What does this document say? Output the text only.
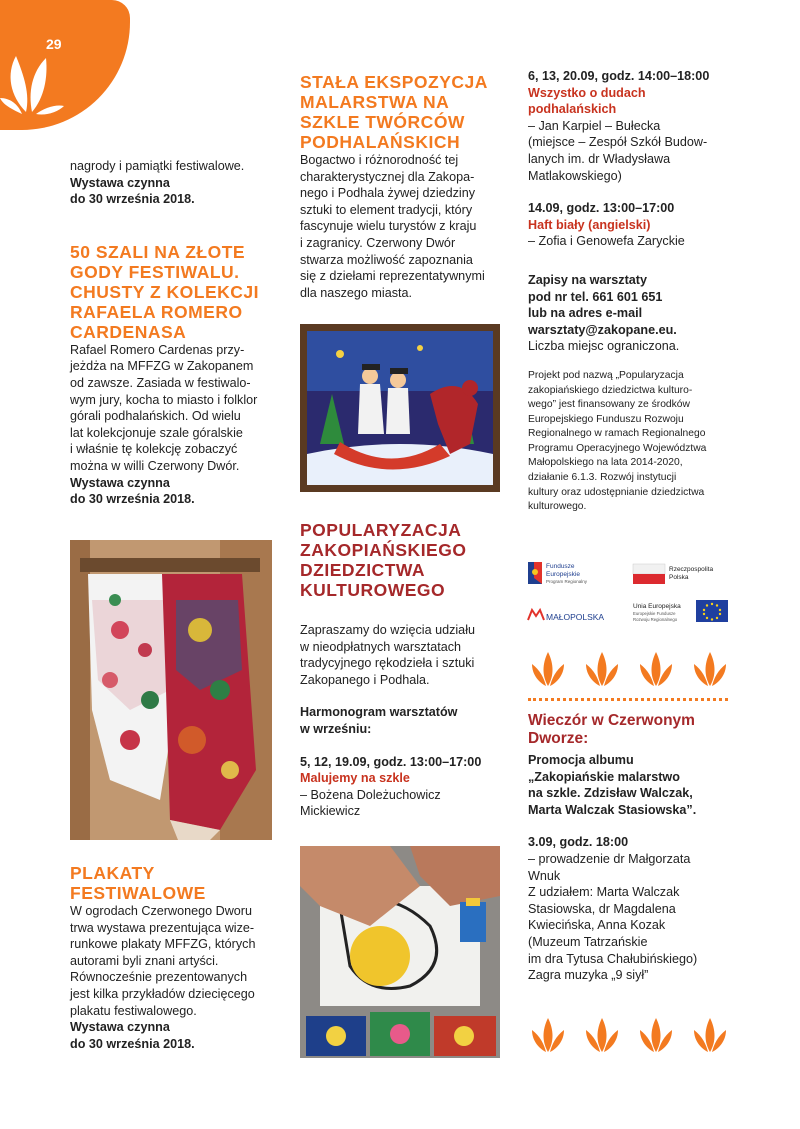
29

nagrody i pamiątki festiwalowe.

Wystawa czynna

do 30 września 2018.

50 SZALI NA ZŁOTE

GODY FESTIWALU.

CHUSTY Z KOLEKCJI

RAFAELA ROMERO

CARDENASA

Rafael Romero Cardenas przy-

jeżdża na MFFZG w Zakopanem

od zawsze. Zasiada w festiwalo-

wym jury, kocha to miasto i folklor

górali podhalańskich. Od wielu

lat kolekcjonuje szale góralskie

i właśnie tę kolekcję zobaczyć

można w willi Czerwony Dwór.

Wystawa czynna

do 30 września 2018.

PLAKATY

FESTIWALOWE

W ogrodach Czerwonego Dworu

trwa wystawa prezentująca wize-

runkowe plakaty MFFZG, których

autorami byli znani artyści.

Równocześnie prezentowanych

jest kilka przykładów dziecięcego

plakatu festiwalowego.

Wystawa czynna

do 30 września 2018.

STAŁA EKSPOZYCJA

MALARSTWA NA

SZKLE TWÓRCÓW

PODHALAŃSKICH

Bogactwo i różnorodność tej

charakterystycznej dla Zakopa-

nego i Podhala żywej dziedziny

sztuki to element tradycji, który

fascynuje wielu turystów z kraju

i zagranicy. Czerwony Dwór

stwarza możliwość zapoznania

się z dziełami reprezentatywnymi

dla naszego miasta.

POPULARYZACJA

ZAKOPIAŃSKIEGO

DZIEDZICTWA

KULTUROWEGO

Zapraszamy do wzięcia udziału

w nieodpłatnych warsztatach

tradycyjnego rękodzieła i sztuki

Zakopanego i Podhala.

Harmonogram warsztatów

w wrześniu:

5, 12, 19.09, godz. 13:00–17:00

Malujemy na szkle

– Bożena Doleżuchowicz

Mickiewicz

6, 13, 20.09, godz. 14:00–18:00

Wszystko o dudach

podhalańskich

– Jan Karpiel – Bułecka

(miejsce – Zespół Szkół Budow-

lanych im. dr Władysława

Matlakowskiego)

14.09, godz. 13:00–17:00

Haft biały (angielski)

– Zofia i Genowefa Zaryckie

Zapisy na warsztaty

pod nr tel. 661 601 651

lub na adres e-mail

warsztaty@zakopane.eu.

Liczba miejsc ograniczona.

Projekt pod nazwą „Popularyzacja

zakopiańskiego dziedzictwa kulturo-

wego” jest finansowany ze środków

Europejskiego Funduszu Rozwoju

Regionalnego w ramach Regionalnego

Programu Operacyjnego Województwa

Małopolskiego na lata 2014-2020,

działanie 6.1.3. Rozwój instytucji

kultury oraz udostępnianie dziedzictwa

kulturowego.

Fundusze
Europejskie
Program Regionalny
Rzeczpospolita
Polska
MAŁOPOLSKA
Unia Europejska
Europejskie Fundusze
Rozwoju Regionalnego

Wieczór w Czerwonym

Dworze:

Promocja albumu

„Zakopiańskie malarstwo

na szkle. Zdzisław Walczak,

Marta Walczak Stasiowska”.

3.09, godz. 18:00

– prowadzenie dr Małgorzata

Wnuk

Z udziałem: Marta Walczak

Stasiowska, dr Magdalena

Kwiecińska, Anna Kozak

(Muzeum Tatrzańskie

im dra Tytusa Chałubińskiego)

Zagra muzyka „9 siył”
